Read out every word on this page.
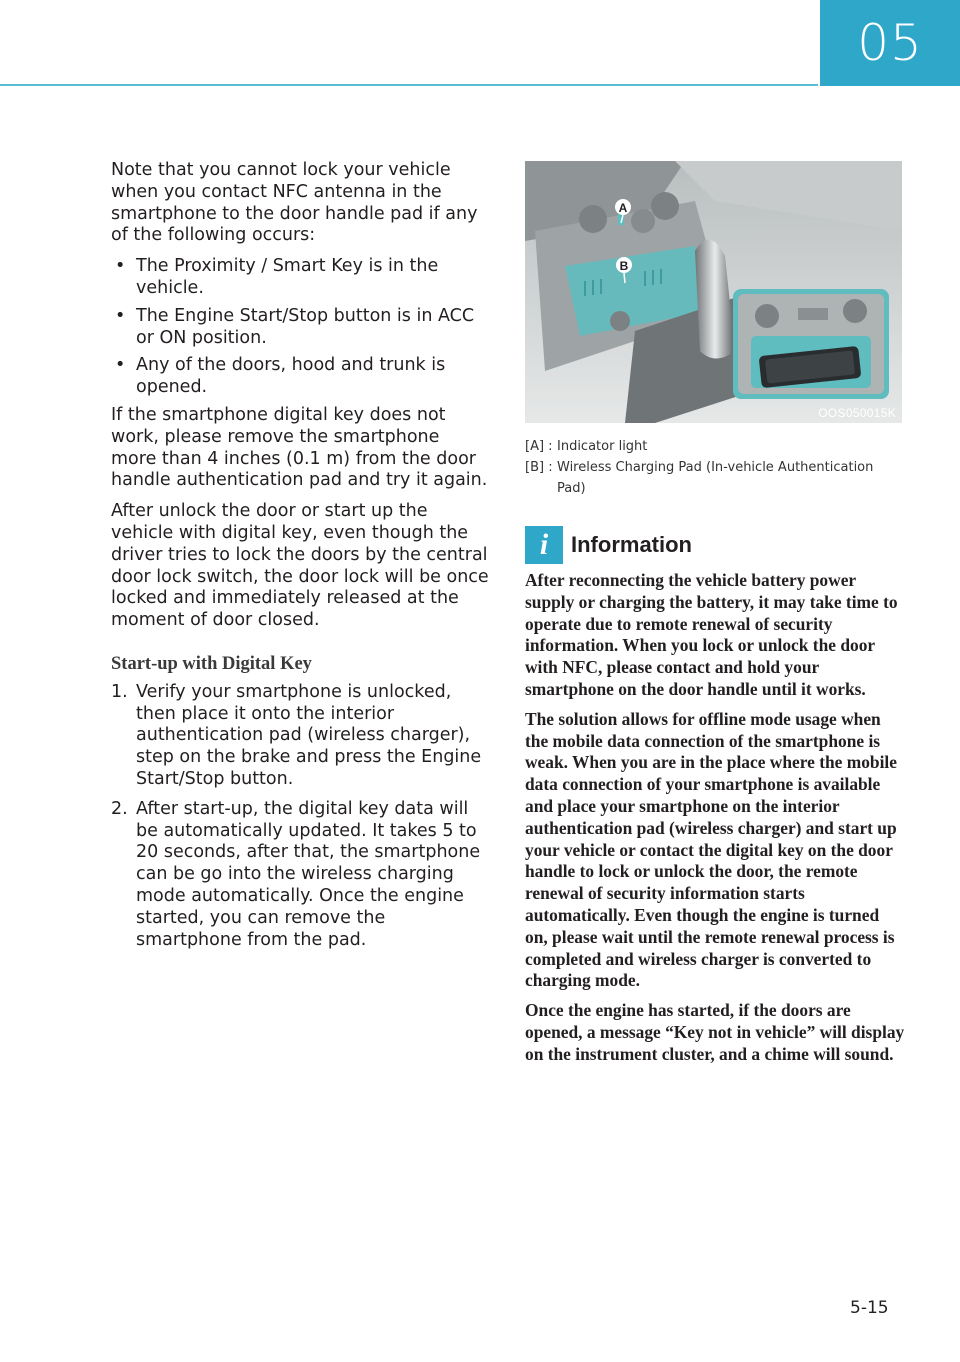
05

Note that you cannot lock your vehicle when you contact NFC antenna in the smartphone to the door handle pad if any of the following occurs:

• The Proximity / Smart Key is in the vehicle.
• The Engine Start/Stop button is in ACC or ON position.
• Any of the doors, hood and trunk is opened.

If the smartphone digital key does not work, please remove the smartphone more than 4 inches (0.1 m) from the door handle authentication pad and try it again.

After unlock the door or start up the vehicle with digital key, even though the driver tries to lock the doors by the central door lock switch, the door lock will be once locked and immediately released at the moment of door closed.

Start-up with Digital Key
1. Verify your smartphone is unlocked, then place it onto the interior authentication pad (wireless charger), step on the brake and press the Engine Start/Stop button.
2. After start-up, the digital key data will be automatically updated. It takes 5 to 20 seconds, after that, the smartphone can be go into the wireless charging mode automatically. Once the engine started, you can remove the smartphone from the pad.
A
B
OOS050015K
[A] : Indicator light
[B] : Wireless Charging Pad (In-vehicle Authentication Pad)
i Information

After reconnecting the vehicle battery power supply or charging the battery, it may take time to operate due to remote renewal of security information. When you lock or unlock the door with NFC, please contact and hold your smartphone on the door handle until it works.

The solution allows for offline mode usage when the mobile data connection of the smartphone is weak. When you are in the place where the mobile data connection of your smartphone is available and place your smartphone on the interior authentication pad (wireless charger) and start up your vehicle or contact the digital key on the door handle to lock or unlock the door, the remote renewal of security information starts automatically. Even though the engine is turned on, please wait until the remote renewal process is completed and wireless charger is converted to charging mode.

Once the engine has started, if the doors are opened, a message “Key not in vehicle” will display on the instrument cluster, and a chime will sound.

5-15
